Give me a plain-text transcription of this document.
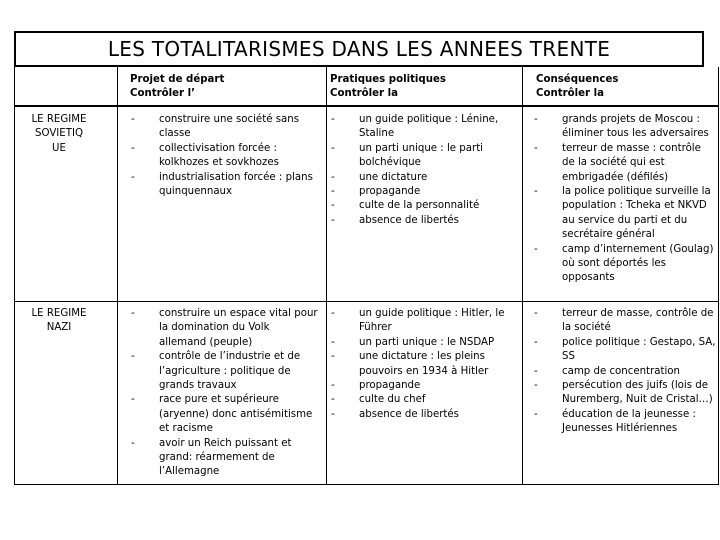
LES TOTALITARISMES DANS LES ANNEES TRENTE
Projet de départ
Contrôler l’
Pratiques politiques
Contrôler la
Conséquences
Contrôler la
LE REGIME
SOVIETIQ
UE
- construire une société sans classe
- collectivisation forcée : kolkhozes et sovkhozes
- industrialisation forcée : plans quinquennaux
- un guide politique : Lénine, Staline
- un parti unique : le parti bolchévique
- une dictature
- propagande
- culte de la personnalité
- absence de libertés
- grands projets de Moscou : éliminer tous les adversaires
- terreur de masse : contrôle de la société qui est embrigadée (défilés)
- la police politique surveille la population : Tcheka et NKVD au service du parti et du secrétaire général
- camp d’internement (Goulag) où sont déportés les opposants
LE REGIME
NAZI
- construire un espace vital pour la domination du Volk allemand (peuple)
- contrôle de l’industrie et de l’agriculture : politique de grands travaux
- race pure et supérieure (aryenne) donc antisémitisme et racisme
- avoir un Reich puissant et grand: réarmement de l’Allemagne
- un guide politique : Hitler, le Führer
- un parti unique : le NSDAP
- une dictature : les pleins pouvoirs en 1934 à Hitler
- propagande
- culte du chef
- absence de libertés
- terreur de masse, contrôle de la société
- police politique : Gestapo, SA, SS
- camp de concentration
- persécution des juifs (lois de Nuremberg, Nuit de Cristal…)
- éducation de la jeunesse : Jeunesses Hitlériennes
